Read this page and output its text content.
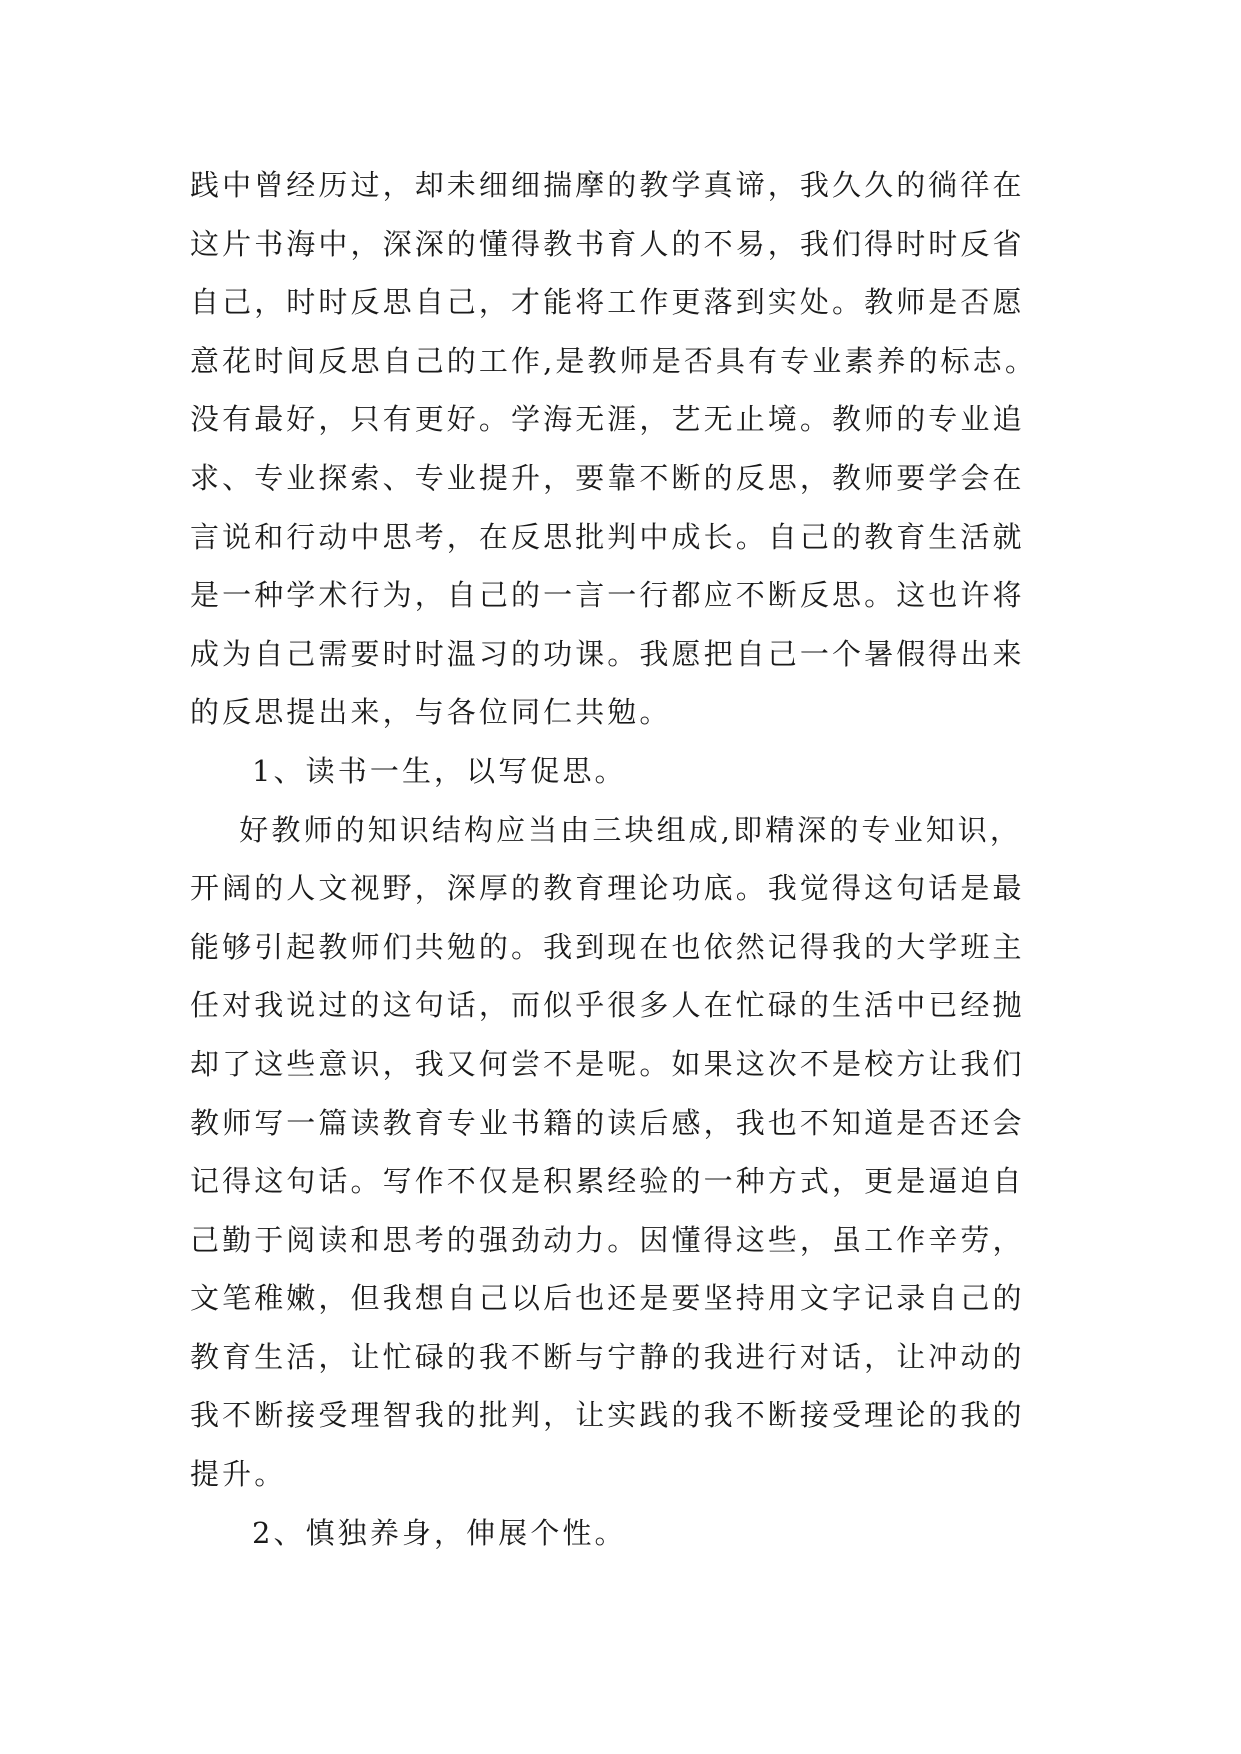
践中曾经历过，却未细细揣摩的教学真谛，我久久的徜徉在
这片书海中，深深的懂得教书育人的不易，我们得时时反省
自己，时时反思自己，才能将工作更落到实处。教师是否愿
意花时间反思自己的工作,是教师是否具有专业素养的标志。
没有最好，只有更好。学海无涯，艺无止境。教师的专业追
求、专业探索、专业提升，要靠不断的反思，教师要学会在
言说和行动中思考，在反思批判中成长。自己的教育生活就
是一种学术行为，自己的一言一行都应不断反思。这也许将
成为自己需要时时温习的功课。我愿把自己一个暑假得出来
的反思提出来，与各位同仁共勉。
1、读书一生，以写促思。
好教师的知识结构应当由三块组成,即精深的专业知识，
开阔的人文视野，深厚的教育理论功底。我觉得这句话是最
能够引起教师们共勉的。我到现在也依然记得我的大学班主
任对我说过的这句话，而似乎很多人在忙碌的生活中已经抛
却了这些意识，我又何尝不是呢。如果这次不是校方让我们
教师写一篇读教育专业书籍的读后感，我也不知道是否还会
记得这句话。写作不仅是积累经验的一种方式，更是逼迫自
己勤于阅读和思考的强劲动力。因懂得这些，虽工作辛劳，
文笔稚嫩，但我想自己以后也还是要坚持用文字记录自己的
教育生活，让忙碌的我不断与宁静的我进行对话，让冲动的
我不断接受理智我的批判，让实践的我不断接受理论的我的
提升。
2、慎独养身，伸展个性。
